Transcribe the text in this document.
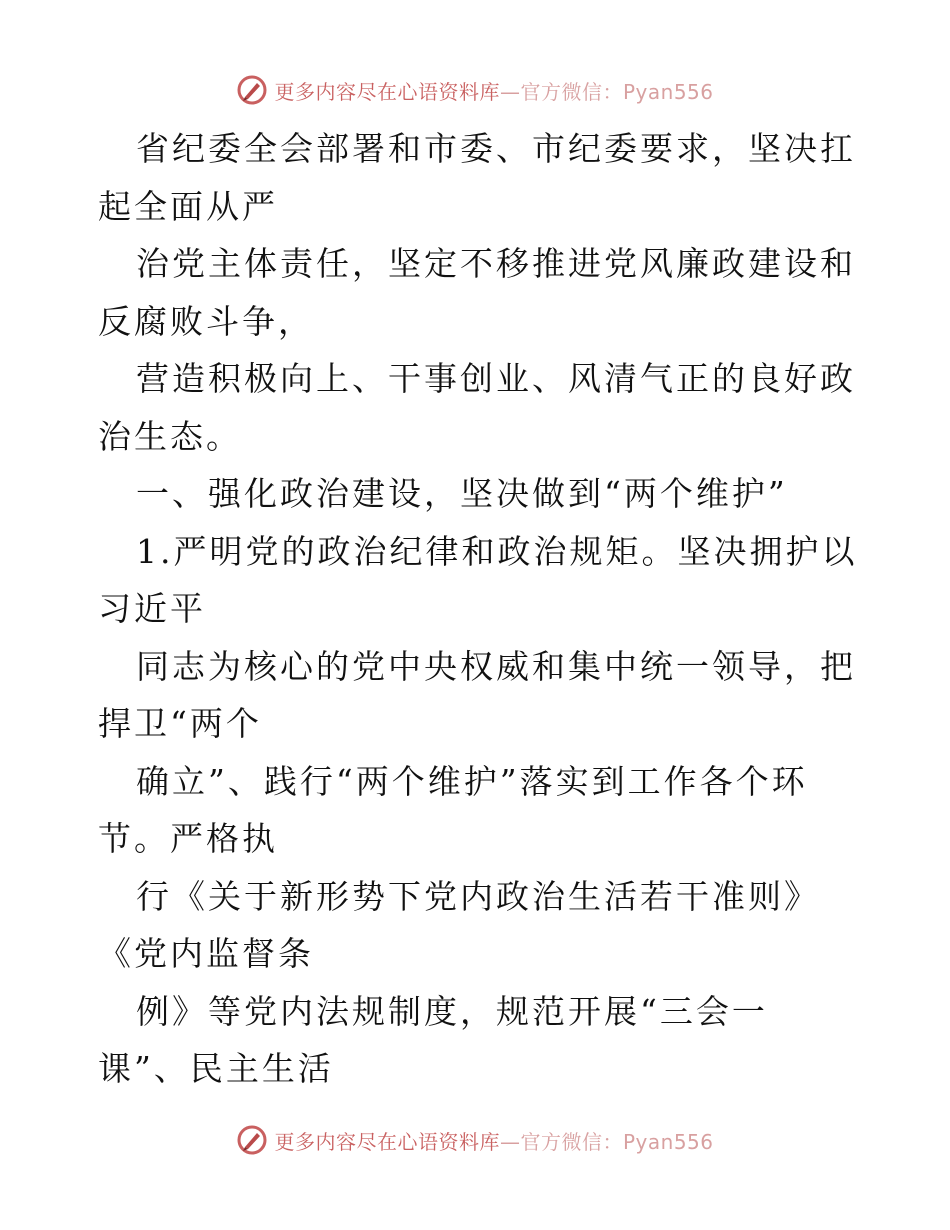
更多内容尽在心语资料库—官方微信：Pyan556

省纪委全会部署和市委、市纪委要求，坚决扛起全面从严

治党主体责任，坚定不移推进党风廉政建设和反腐败斗争，

营造积极向上、干事创业、风清气正的良好政治生态。

一、强化政治建设，坚决做到“两个维护”

1.严明党的政治纪律和政治规矩。坚决拥护以习近平

同志为核心的党中央权威和集中统一领导，把捍卫“两个

确立”、践行“两个维护”落实到工作各个环节。严格执

行《关于新形势下党内政治生活若干准则》《党内监督条

例》等党内法规制度，规范开展“三会一课”、民主生活

更多内容尽在心语资料库—官方微信：Pyan556
